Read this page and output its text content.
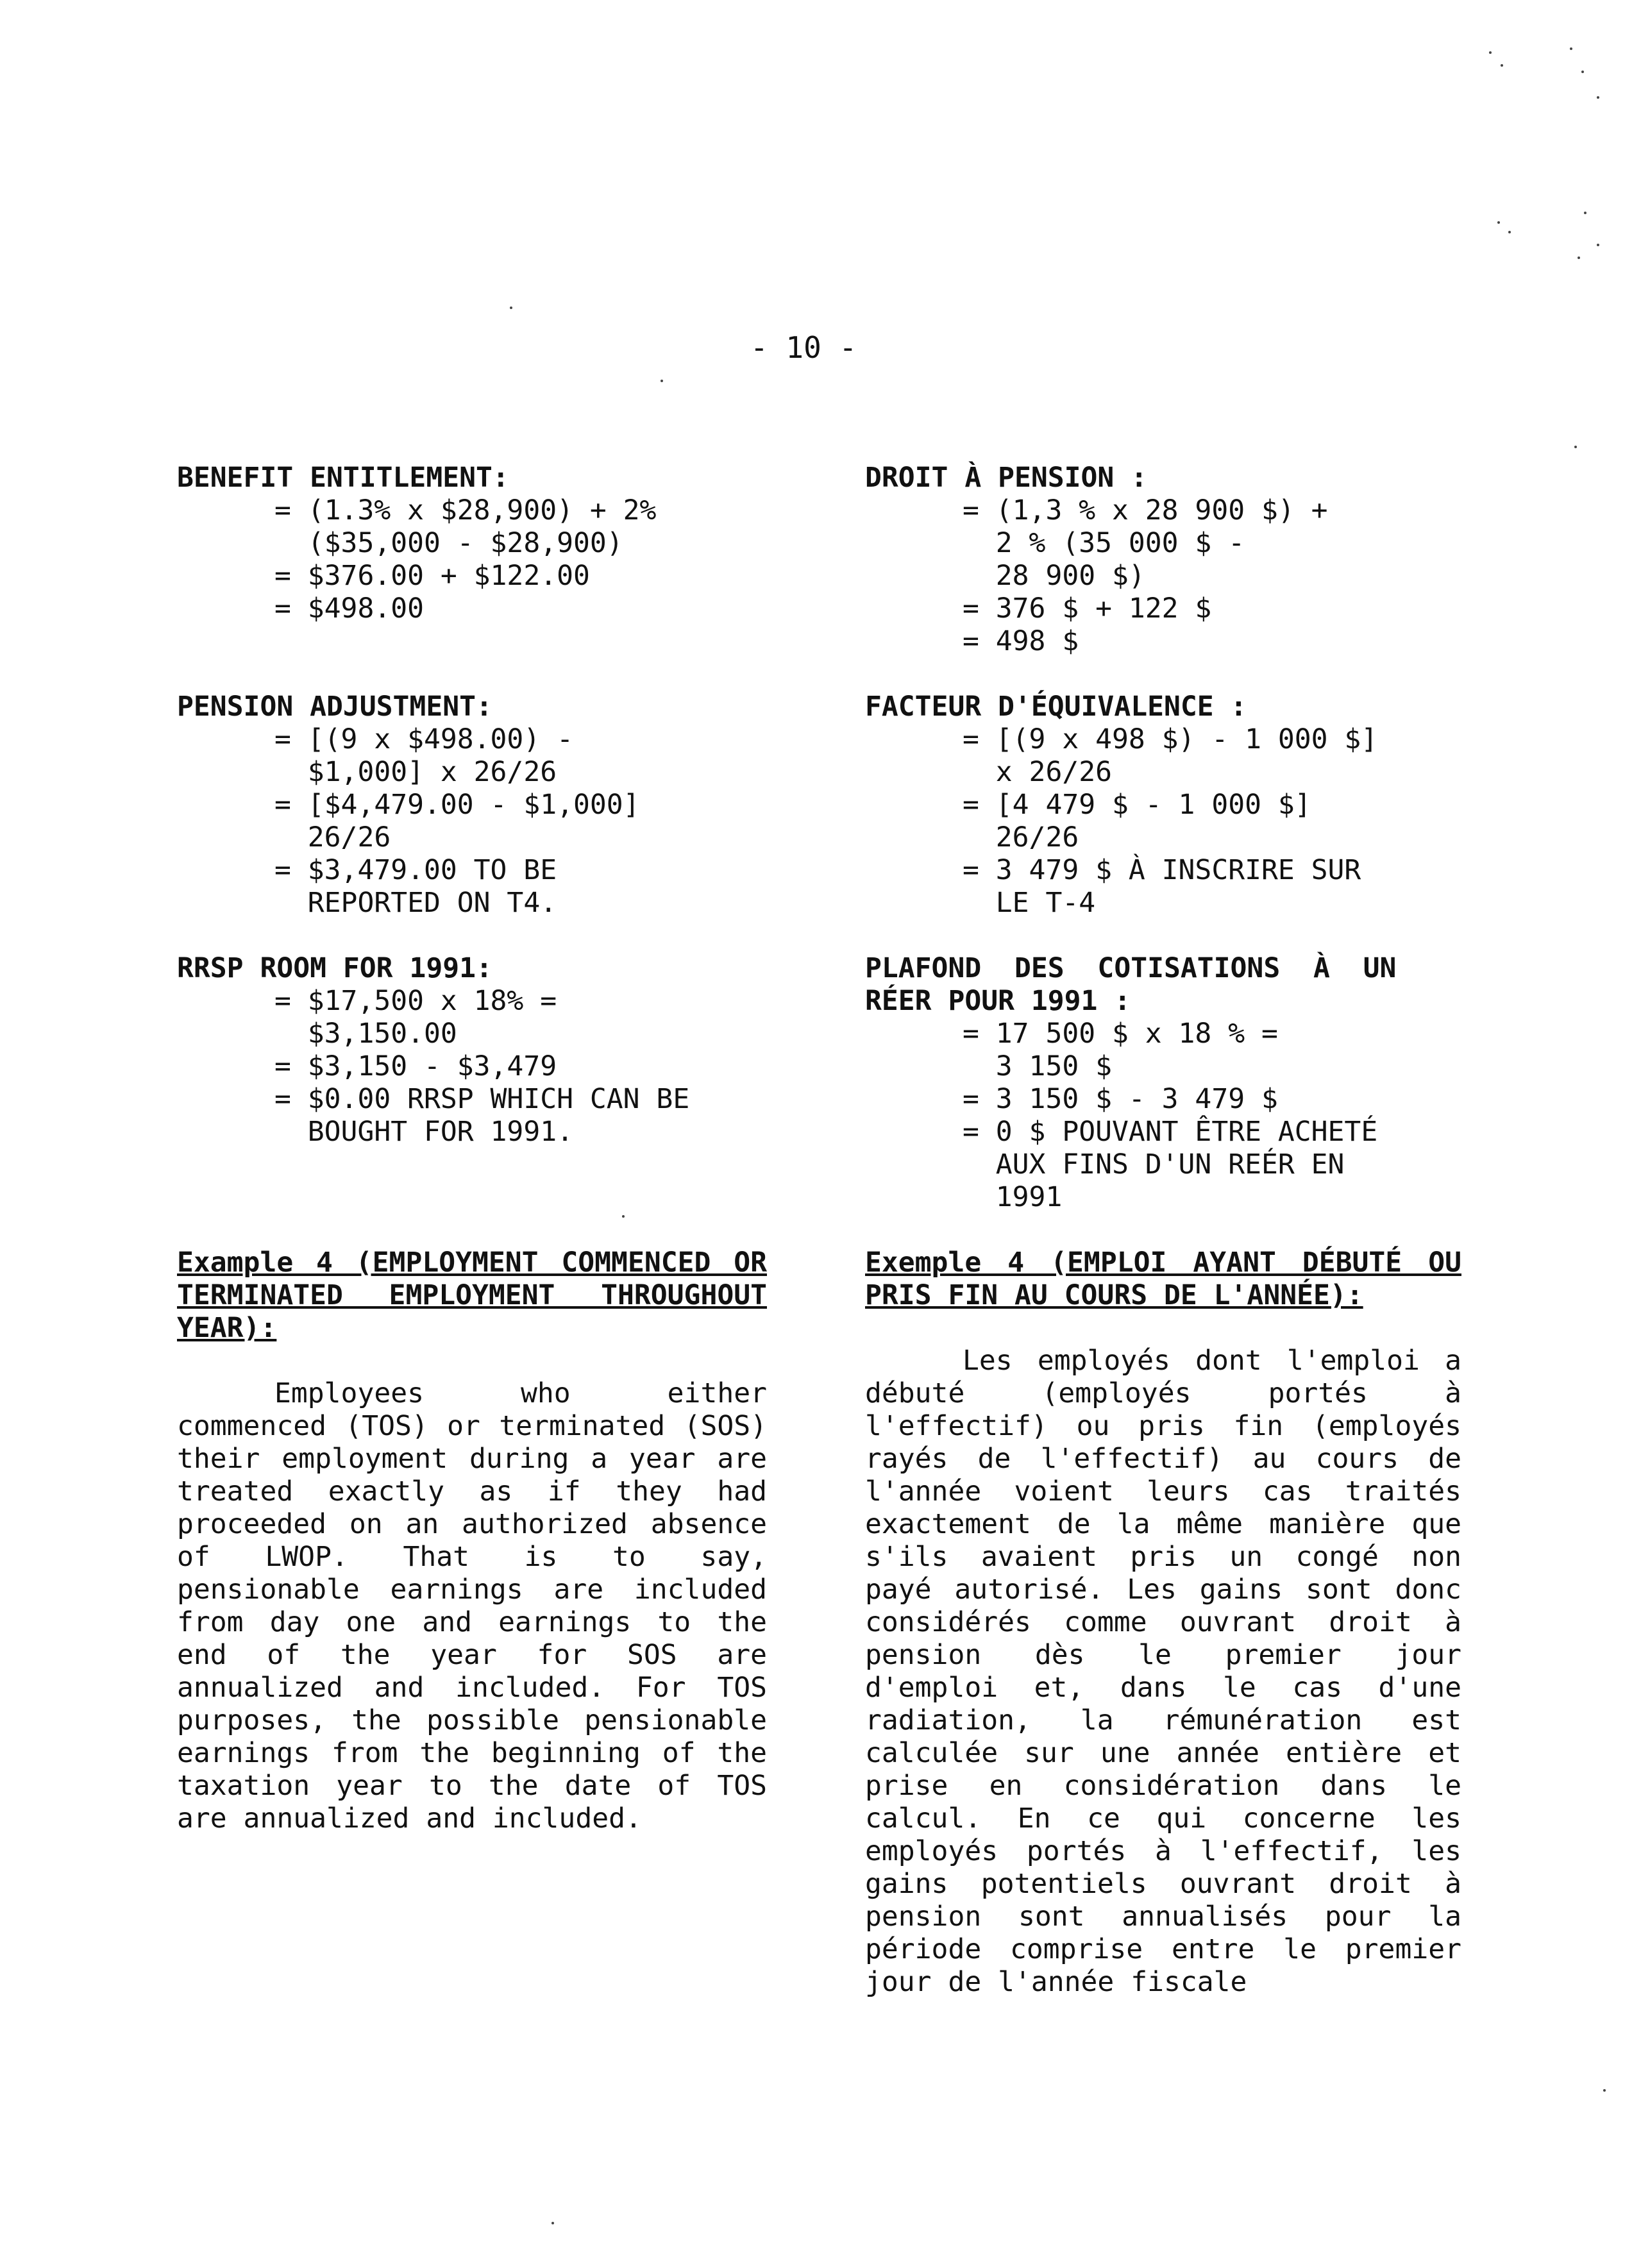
- 10 -
BENEFIT ENTITLEMENT:
= (1.3% x $28,900) + 2%
($35,000 - $28,900)
= $376.00 + $122.00
= $498.00
PENSION ADJUSTMENT:
= [(9 x $498.00) -
$1,000] x 26/26
= [$4,479.00 - $1,000]
26/26
= $3,479.00 TO BE
REPORTED ON T4.
RRSP ROOM FOR 1991:
= $17,500 x 18% =
$3,150.00
= $3,150 - $3,479
= $0.00 RRSP WHICH CAN BE
BOUGHT FOR 1991.
Example 4 (EMPLOYMENT COMMENCED OR TERMINATED EMPLOYMENT THROUGHOUT YEAR):
Employees who either commenced (TOS) or terminated (SOS) their employment during a year are treated exactly as if they had proceeded on an authorized absence of LWOP. That is to say, pensionable earnings are included from day one and earnings to the end of the year for SOS are annualized and included. For TOS purposes, the possible pensionable earnings from the beginning of the taxation year to the date of TOS are annualized and included.
DROIT À PENSION :
= (1,3 % x 28 900 $) +
2 % (35 000 $ -
28 900 $)
= 376 $ + 122 $
= 498 $
FACTEUR D'ÉQUIVALENCE :
= [(9 x 498 $) - 1 000 $]
x 26/26
= [4 479 $ - 1 000 $]
26/26
= 3 479 $ À INSCRIRE SUR
LE T-4
PLAFOND  DES  COTISATIONS  À  UN
RÉER POUR 1991 :
= 17 500 $ x 18 % =
3 150 $
= 3 150 $ - 3 479 $
= 0 $ POUVANT ÊTRE ACHETÉ
AUX FINS D'UN REÉR EN
1991
Exemple 4 (EMPLOI AYANT DÉBUTÉ OU PRIS FIN AU COURS DE L'ANNÉE):
Les employés dont l'emploi a débuté (employés portés à l'effectif) ou pris fin (employés rayés de l'effectif) au cours de l'année voient leurs cas traités exactement de la même manière que s'ils avaient pris un congé non payé autorisé. Les gains sont donc considérés comme ouvrant droit à pension dès le premier jour d'emploi et, dans le cas d'une radiation, la rémunération est calculée sur une année entière et prise en considération dans le calcul. En ce qui concerne les employés portés à l'effectif, les gains potentiels ouvrant droit à pension sont annualisés pour la période comprise entre le premier jour de l'année fiscale
